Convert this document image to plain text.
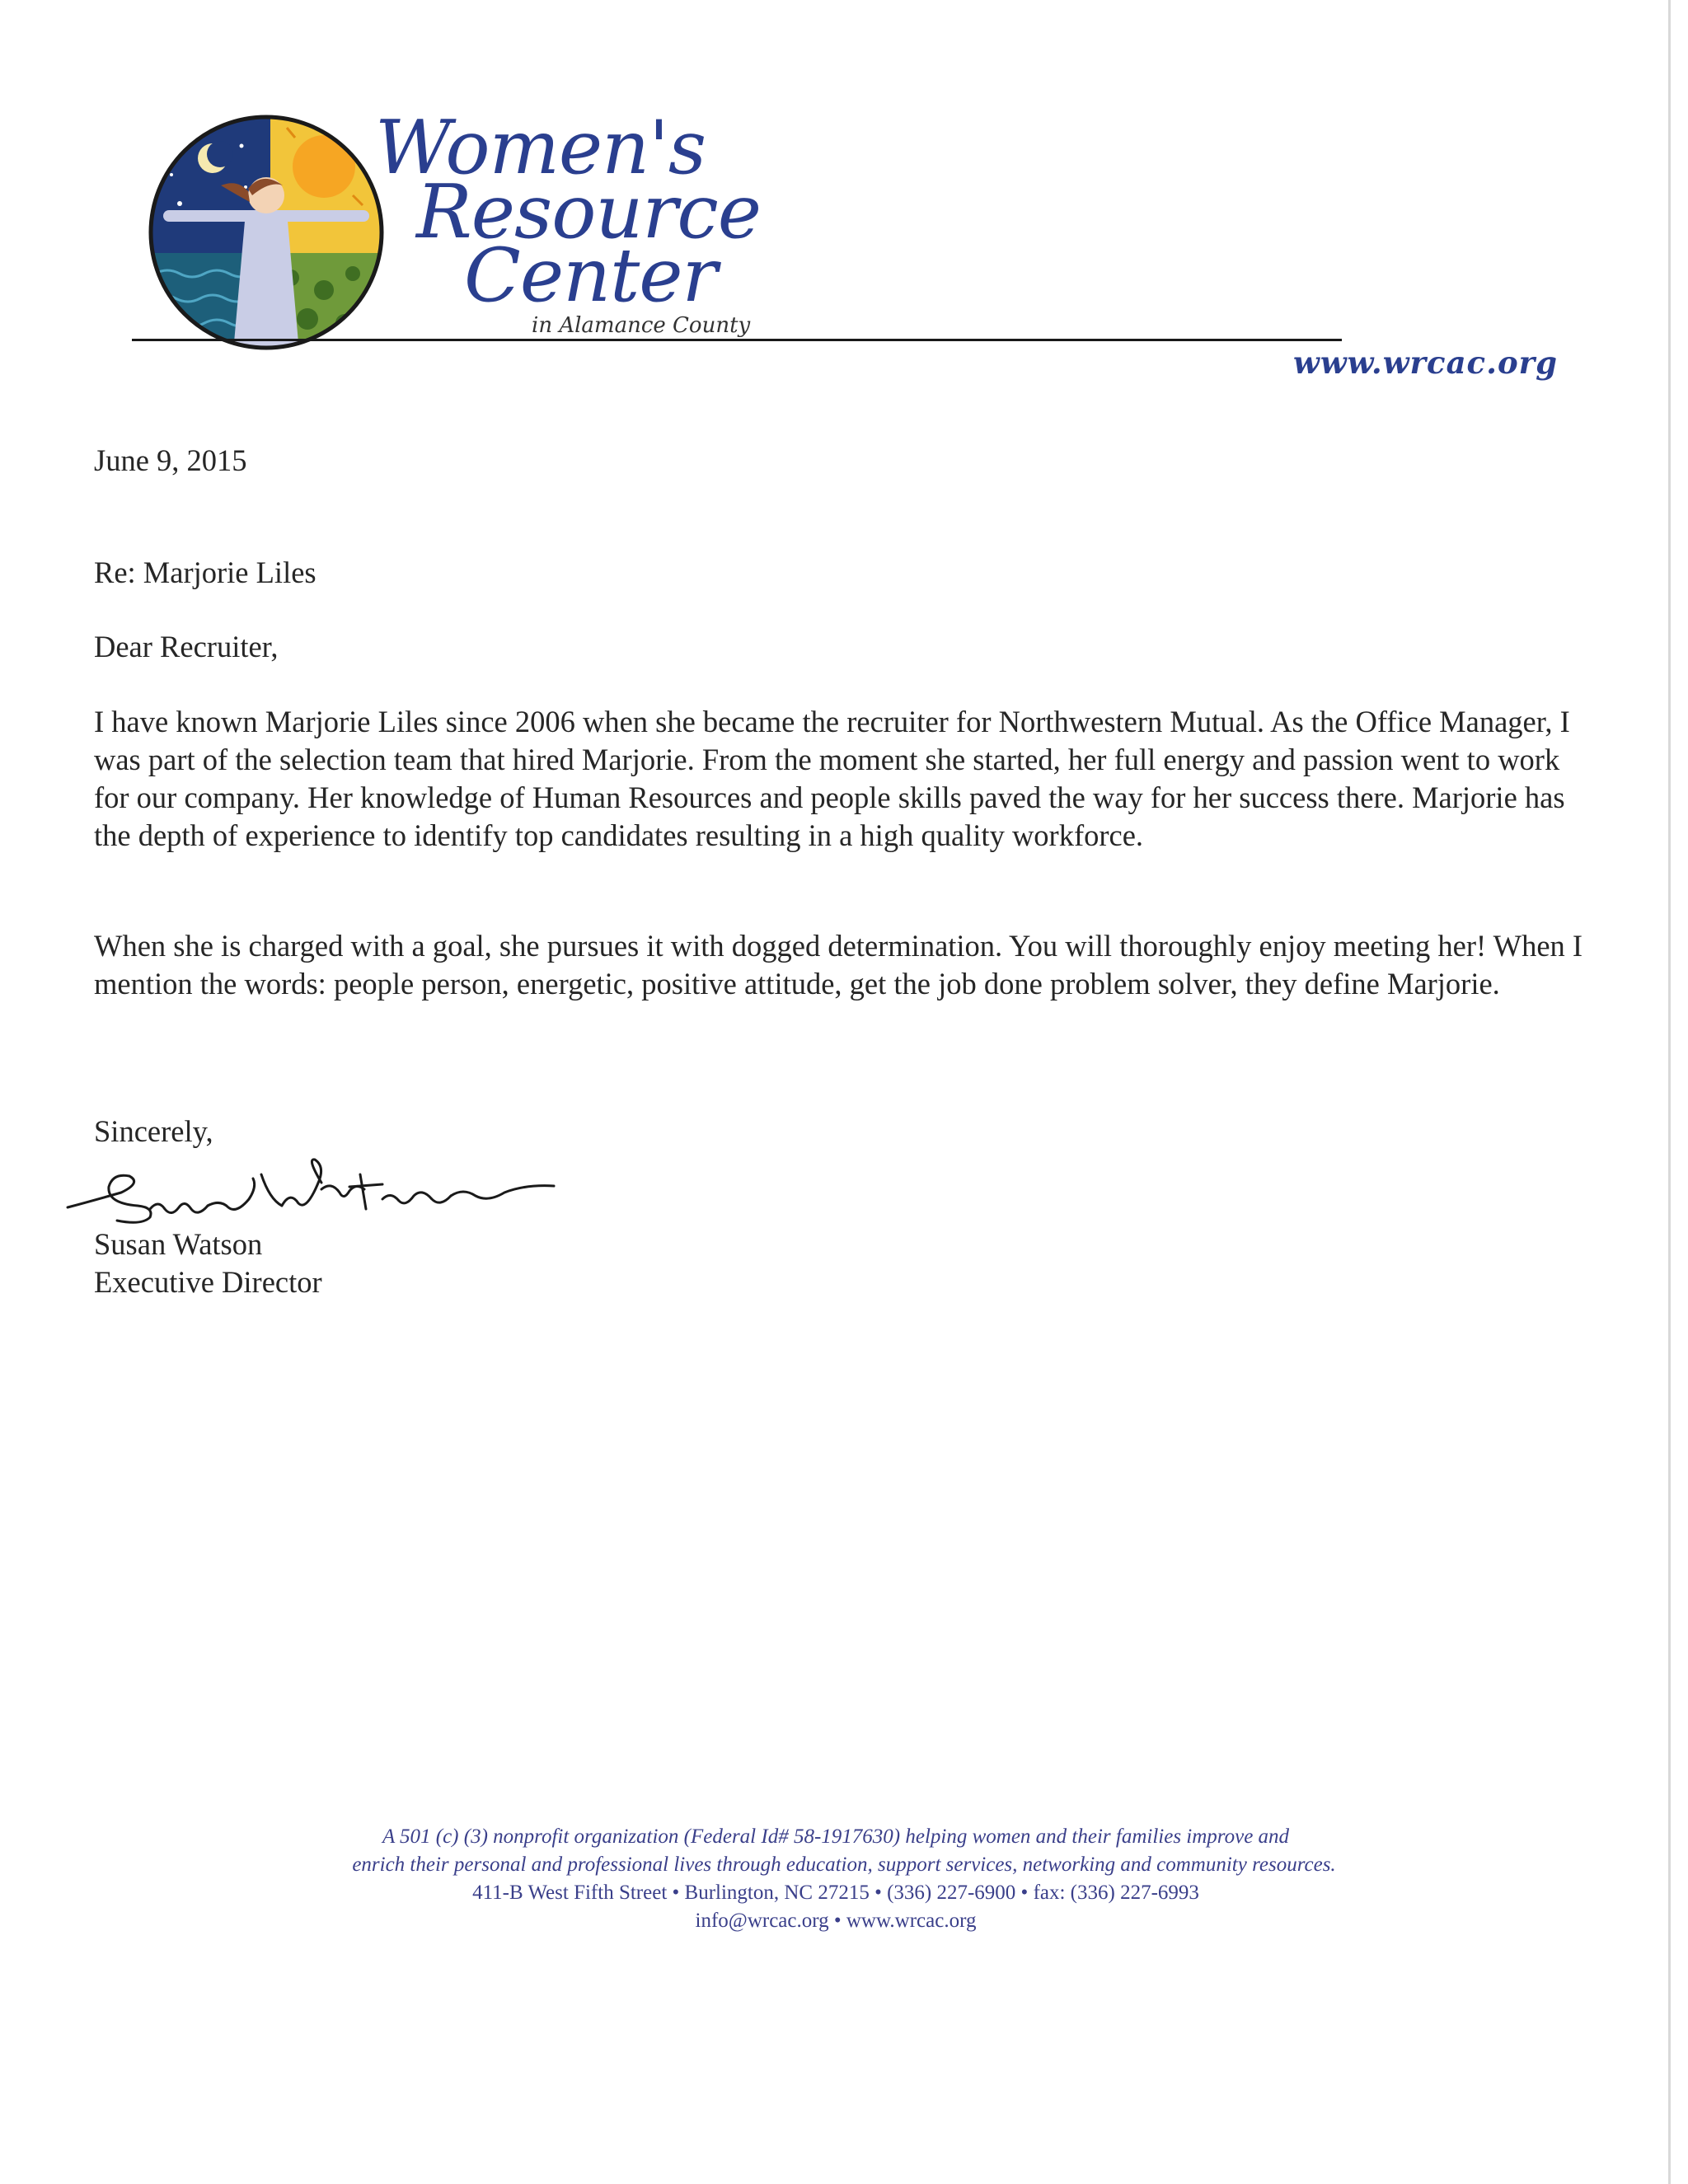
Women's
Resource
Center
in Alamance County
www.wrcac.org

June 9, 2015

Re: Marjorie Liles

Dear Recruiter,

I have known Marjorie Liles since 2006 when she became the recruiter for Northwestern Mutual. As the Office Manager, I was part of the selection team that hired Marjorie. From the moment she started, her full energy and passion went to work for our company. Her knowledge of Human Resources and people skills paved the way for her success there. Marjorie has the depth of experience to identify top candidates resulting in a high quality workforce.

When she is charged with a goal, she pursues it with dogged determination. You will thoroughly enjoy meeting her! When I mention the words: people person, energetic, positive attitude, get the job done problem solver, they define Marjorie.

Sincerely,

Susan Watson

Executive Director

A 501 (c) (3) nonprofit organization (Federal Id# 58-1917630) helping women and their families improve and
enrich their personal and professional lives through education, support services, networking and community resources.
411-B West Fifth Street • Burlington, NC 27215 • (336) 227-6900 • fax: (336) 227-6993
info@wrcac.org • www.wrcac.org
